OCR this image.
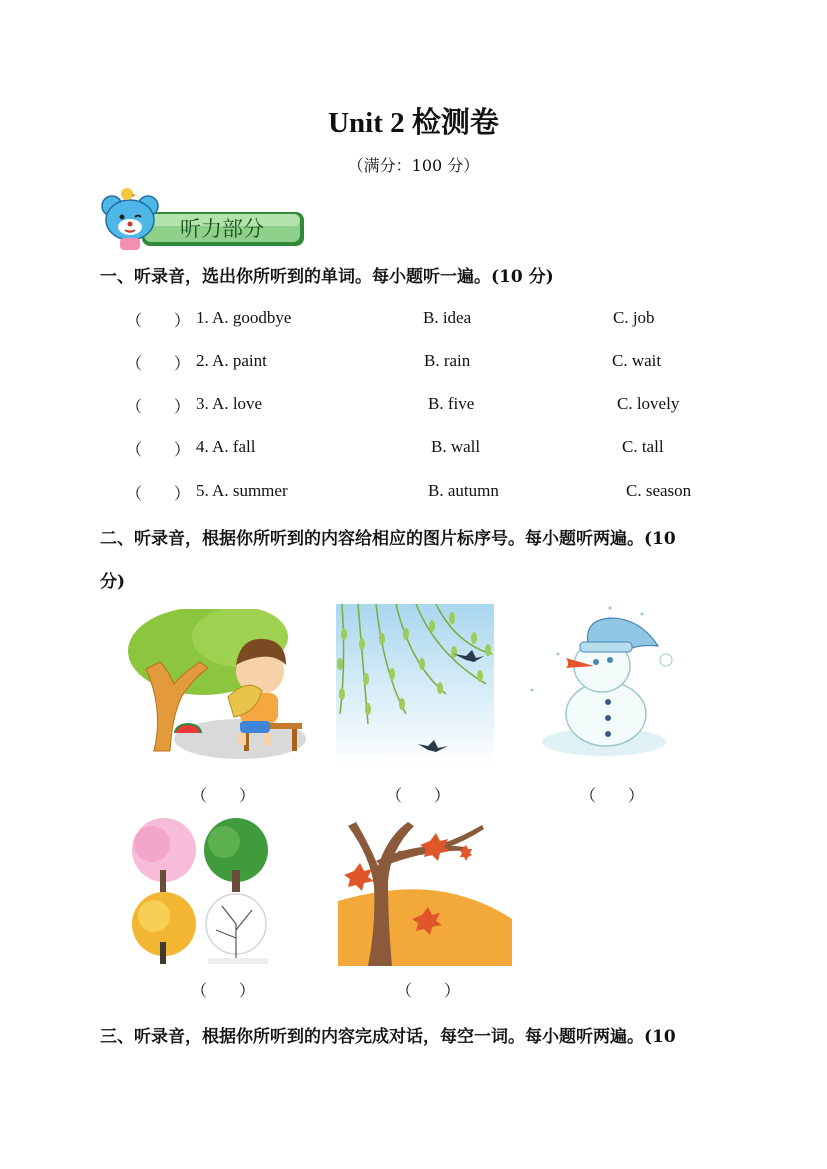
Unit 2 检测卷
（满分：100 分）
听力部分
一、听录音，选出你所听到的单词。每小题听一遍。(10 分)
（　　） 1. A. goodbye	B. idea	C. job
（　　） 2. A. paint	B. rain	C. wait
（　　） 3. A. love	B. five	C. lovely
（　　） 4. A. fall	B. wall	C. tall
（　　） 5. A. summer	B. autumn	C. season
二、听录音，根据你所听到的内容给相应的图片标序号。每小题听两遍。(10
分)
（　　）	（　　）	（　　）
（　　）	（　　）
三、听录音，根据你所听到的内容完成对话，每空一词。每小题听两遍。(10
